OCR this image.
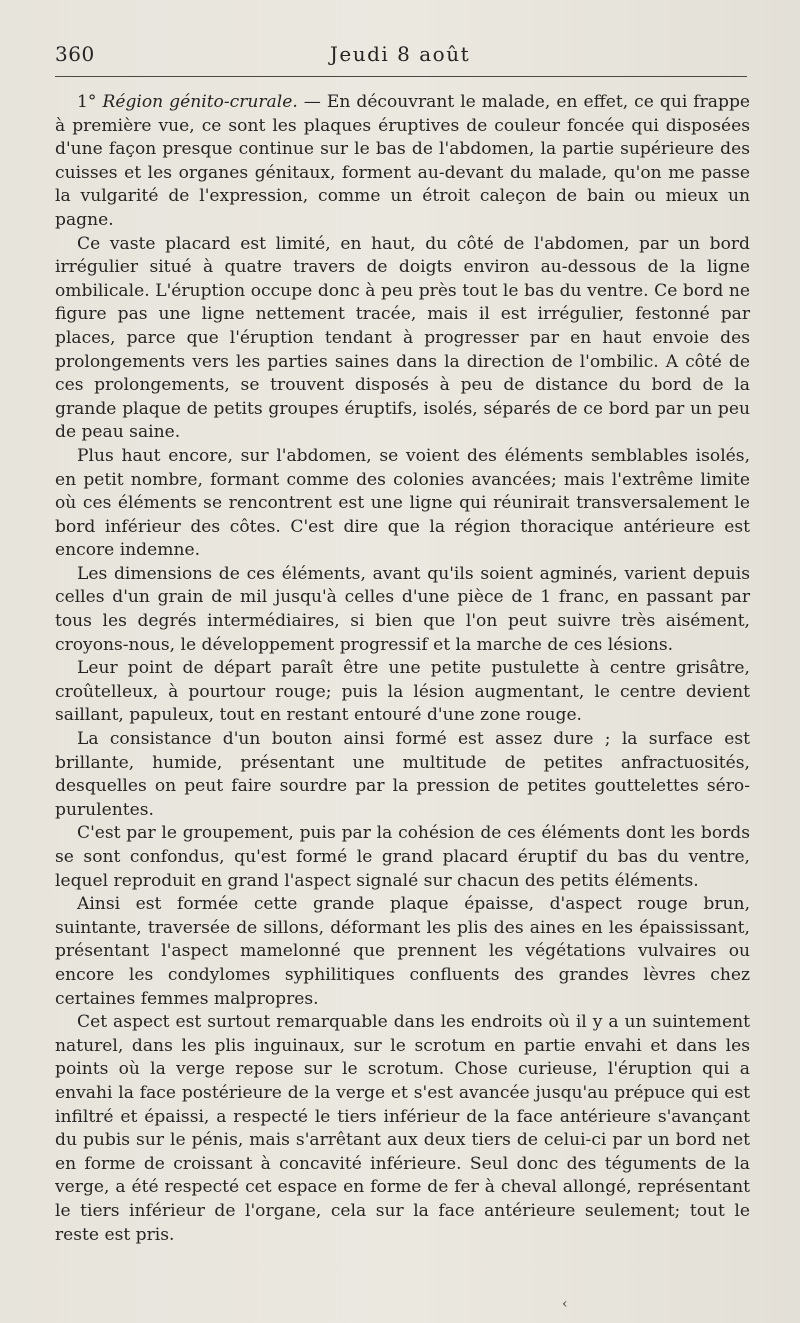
360	Jeudi 8 août

1° Région génito-crurale. — En découvrant le malade, en effet, ce qui frappe à première vue, ce sont les plaques éruptives de couleur foncée qui disposées d'une façon presque continue sur le bas de l'abdomen, la partie supérieure des cuisses et les organes génitaux, forment au-devant du malade, qu'on me passe la vulgarité de l'expression, comme un étroit caleçon de bain ou mieux un pagne.

Ce vaste placard est limité, en haut, du côté de l'abdomen, par un bord irrégulier situé à quatre travers de doigts environ au-dessous de la ligne ombilicale. L'éruption occupe donc à peu près tout le bas du ventre. Ce bord ne figure pas une ligne nettement tracée, mais il est irrégulier, festonné par places, parce que l'éruption tendant à progresser par en haut envoie des prolongements vers les parties saines dans la direction de l'ombilic. A côté de ces prolongements, se trouvent disposés à peu de distance du bord de la grande plaque de petits groupes éruptifs, isolés, séparés de ce bord par un peu de peau saine.

Plus haut encore, sur l'abdomen, se voient des éléments semblables isolés, en petit nombre, formant comme des colonies avancées; mais l'extrême limite où ces éléments se rencontrent est une ligne qui réunirait transversalement le bord inférieur des côtes. C'est dire que la région thoracique antérieure est encore indemne.

Les dimensions de ces éléments, avant qu'ils soient agminés, varient depuis celles d'un grain de mil jusqu'à celles d'une pièce de 1 franc, en passant par tous les degrés intermédiaires, si bien que l'on peut suivre très aisément, croyons-nous, le développement progressif et la marche de ces lésions.

Leur point de départ paraît être une petite pustulette à centre grisâtre, croûtelleux, à pourtour rouge; puis la lésion augmentant, le centre devient saillant, papuleux, tout en restant entouré d'une zone rouge.

La consistance d'un bouton ainsi formé est assez dure ; la surface est brillante, humide, présentant une multitude de petites anfractuosités, desquelles on peut faire sourdre par la pression de petites gouttelettes séro-purulentes.

C'est par le groupement, puis par la cohésion de ces éléments dont les bords se sont confondus, qu'est formé le grand placard éruptif du bas du ventre, lequel reproduit en grand l'aspect signalé sur chacun des petits éléments.

Ainsi est formée cette grande plaque épaisse, d'aspect rouge brun, suintante, traversée de sillons, déformant les plis des aines en les épaississant, présentant l'aspect mamelonné que prennent les végétations vulvaires ou encore les condylomes syphilitiques confluents des grandes lèvres chez certaines femmes malpropres.

Cet aspect est surtout remarquable dans les endroits où il y a un suintement naturel, dans les plis inguinaux, sur le scrotum en partie envahi et dans les points où la verge repose sur le scrotum. Chose curieuse, l'éruption qui a envahi la face postérieure de la verge et s'est avancée jusqu'au prépuce qui est infiltré et épaissi, a respecté le tiers inférieur de la face antérieure s'avançant du pubis sur le pénis, mais s'arrêtant aux deux tiers de celui-ci par un bord net en forme de croissant à concavité inférieure. Seul donc des téguments de la verge, a été respecté cet espace en forme de fer à cheval allongé, représentant le tiers inférieur de l'organe, cela sur la face antérieure seulement; tout le reste est pris.

‹
